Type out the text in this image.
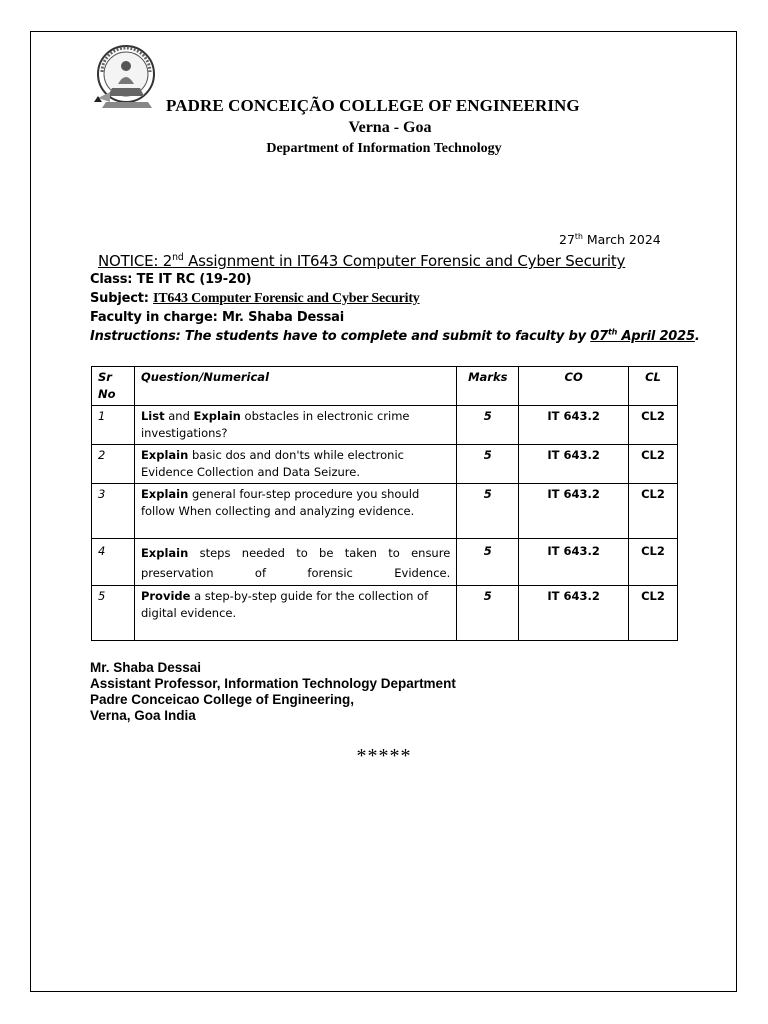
PADRE CONCEIÇÃO COLLEGE OF ENGINEERING
Verna - Goa
Department of Information Technology
27th March 2024
NOTICE: 2nd Assignment in IT643 Computer Forensic and Cyber Security
Class: TE IT RC (19-20)
Subject: IT643 Computer Forensic and Cyber Security
Faculty in charge: Mr. Shaba Dessai
Instructions: The students have to complete and submit to faculty by 07th April 2025.
Sr No	Question/Numerical	Marks	CO	CL
1	List and Explain obstacles in electronic crime investigations?	5	IT 643.2	CL2
2	Explain basic dos and don'ts while electronic Evidence Collection and Data Seizure.	5	IT 643.2	CL2
3	Explain general four-step procedure you should follow When collecting and analyzing evidence.	5	IT 643.2	CL2
4	Explain steps needed to be taken to ensure preservation of forensic Evidence.	5	IT 643.2	CL2
5	Provide a step-by-step guide for the collection of digital evidence.	5	IT 643.2	CL2
Mr. Shaba Dessai
Assistant Professor, Information Technology Department
Padre Conceicao College of Engineering,
Verna, Goa India
*****
